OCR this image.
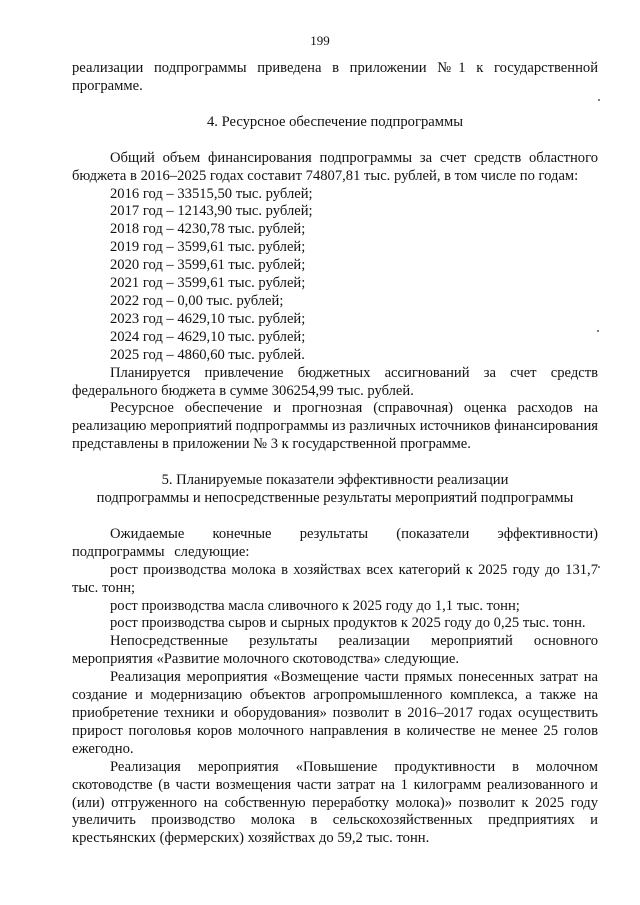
199

реализации подпрограммы приведена в приложении №1 к государственной программе.

4. Ресурсное обеспечение подпрограммы

Общий объем финансирования подпрограммы за счет средств областного бюджета в 2016–2025 годах составит 74807,81 тыс. рублей, в том числе по годам:

2016 год – 33515,50 тыс. рублей;

2017 год – 12143,90 тыс. рублей;

2018 год – 4230,78 тыс. рублей;

2019 год – 3599,61 тыс. рублей;

2020 год – 3599,61 тыс. рублей;

2021 год – 3599,61 тыс. рублей;

2022 год – 0,00 тыс. рублей;

2023 год – 4629,10 тыс. рублей;

2024 год – 4629,10 тыс. рублей;

2025 год – 4860,60 тыс. рублей.

Планируется привлечение бюджетных ассигнований за счет средств федерального бюджета в сумме 306254,99 тыс. рублей.

Ресурсное обеспечение и прогнозная (справочная) оценка расходов на реализацию мероприятий подпрограммы из различных источников финансирования представлены в приложении № 3 к государственной программе.

5. Планируемые показатели эффективности реализации

подпрограммы и непосредственные результаты мероприятий подпрограммы

Ожидаемые конечные результаты (показатели эффективности) подпрограммы следующие:

рост производства молока в хозяйствах всех категорий к 2025 году до 131,7 тыс. тонн;

рост производства масла сливочного к 2025 году до 1,1 тыс. тонн;

рост производства сыров и сырных продуктов к 2025 году до 0,25 тыс. тонн.

Непосредственные результаты реализации мероприятий основного мероприятия «Развитие молочного скотоводства» следующие.

Реализация мероприятия «Возмещение части прямых понесенных затрат на создание и модернизацию объектов агропромышленного комплекса, а также на приобретение техники и оборудования» позволит в 2016–2017 годах осуществить прирост поголовья коров молочного направления в количестве не менее 25 голов ежегодно.

Реализация мероприятия «Повышение продуктивности в молочном скотоводстве (в части возмещения части затрат на 1 килограмм реализованного и (или) отгруженного на собственную переработку молока)» позволит к 2025 году увеличить производство молока в сельскохозяйственных предприятиях и крестьянских (фермерских) хозяйствах до 59,2 тыс. тонн.
